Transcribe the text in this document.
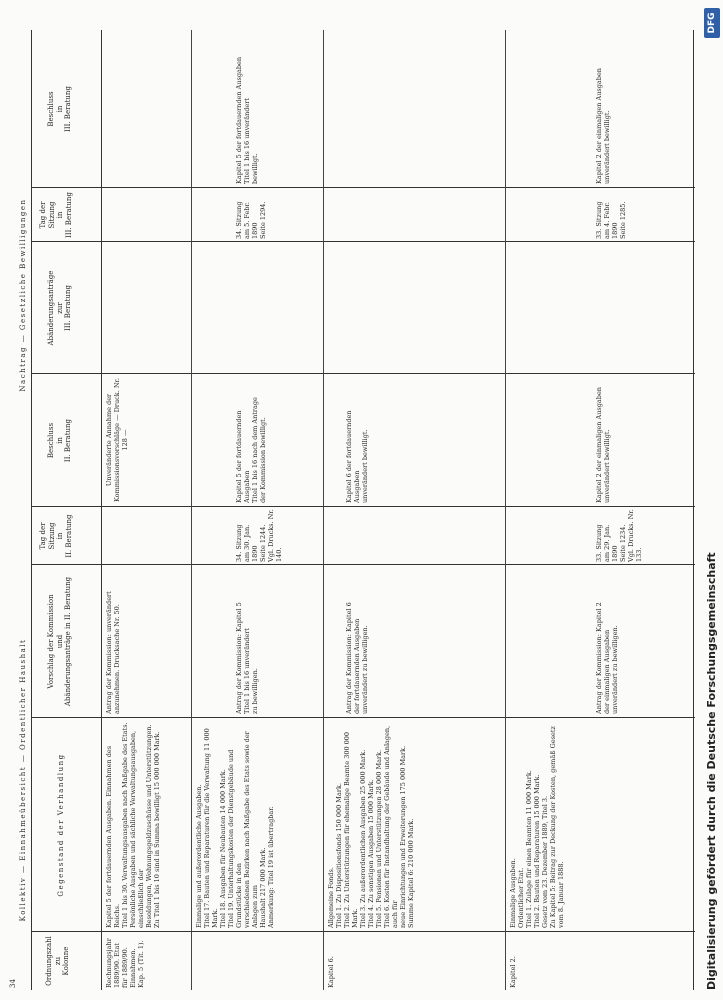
34
Kollektiv — Einnahmeübersicht — Ordentlicher Haushalt
Nachtrag — Gesetzliche Bewilligungen
Ordnungszahl
zu
Kolonne
Gegenstand der Verhandlung
Vorschlag der Kommission
und
Abänderungsanträge in II. Beratung
Tag der
Sitzung
in
II. Beratung
Beschluss
in
II. Beratung
Abänderungsanträge
zur
III. Beratung
Tag der
Sitzung
in
III. Beratung
Beschluss
in
III. Beratung
Rechnungsjahr 1889/90. Etat für 1889/90. Einnahmen. Kap. 5 (Tit. 1).
Kapitel 5 der fortdauernden Ausgaben. Einnahmen des Reichs.
Titel 1 bis 30. Verwaltungsausgaben nach Maßgabe des Etats.
Persönliche Ausgaben und sächliche Verwaltungsausgaben, einschließlich der
Besoldungen, Wohnungsgeldzuschüsse und Unterstützungen.
Zu Titel 1 bis 10 sind in Summa bewilligt 15 000 000 Mark.
Antrag der Kommission: unverändert
anzunehmen. Drucksache Nr. 50.
Unveränderte Annahme der Kommissionsvorschläge — Druck. Nr. 128 —
Einmalige und außerordentliche Ausgaben.
Titel 17. Bauten und Reparaturen für die Verwaltung 11 000 Mark.
Titel 18. Ausgaben für Neubauten 14 000 Mark.
Titel 19. Unterhaltungskosten der Dienstgebäude und Grundstücke in den
verschiedenen Bezirken nach Maßgabe des Etats sowie der Anlagen zum
Haushalt 217 000 Mark.
Anmerkung: Titel 19 ist übertragbar.
Antrag der Kommission: Kapitel 5
Titel 1 bis 16 unverändert
zu bewilligen.
34. Sitzung
am 30. Jan. 1890
Seite 1244.
Vgl. Drucks. Nr. 140.
Kapitel 5 der fortdauernden Ausgaben
Titel 1 bis 16 nach dem Antrage
der Kommission bewilligt.
34. Sitzung
am 5. Febr. 1890
Seite 1294.
Kapitel 5 der fortdauernden Ausgaben
Titel 1 bis 16 unverändert
bewilligt.
Kapitel 6.
Allgemeine Fonds.
Titel 1. Zu Dispositionsfonds 150 000 Mark.
Titel 2. Zu Unterstützungen für ehemalige Beamte 300 000 Mark.
Titel 3. Zu außerordentlichen Ausgaben 25 000 Mark.
Titel 4. Zu sonstigen Ausgaben 15 000 Mark.
Titel 5. Pensionen und Unterstützungen 28 000 Mark.
Titel 6. Kosten für Instandhaltung der Gebäude und Anlagen, auch für
neue Einrichtungen und Erweiterungen 175 000 Mark.
Summe Kapitel 6: 210 000 Mark.
Antrag der Kommission: Kapitel 6
der fortdauernden Ausgaben
unverändert zu bewilligen.
Kapitel 6 der fortdauernden Ausgaben
unverändert bewilligt.
Kapitel 2.
Einmalige Ausgaben.
Ordentlicher Etat.
Titel 1. Zulage für einen Beamten 11 000 Mark.
Titel 2. Bauten und Reparaturen 15 000 Mark.
Gesetz vom 23. Dezember 1889, Titel 3.
Zu Kapitel 5: Beitrag zur Deckung der Kosten, gemäß Gesetz vom 8. Januar 1888.
Antrag der Kommission: Kapitel 2
der einmaligen Ausgaben
unverändert zu bewilligen.
33. Sitzung
am 29. Jan. 1890
Seite 1234.
Vgl. Drucks. Nr. 133.
Kapitel 2 der einmaligen Ausgaben
unverändert bewilligt.
33. Sitzung
am 4. Febr. 1890
Seite 1285.
Kapitel 2 der einmaligen Ausgaben
unverändert bewilligt.
DFG
Digitalisierung gefördert durch die Deutsche Forschungsgemeinschaft
